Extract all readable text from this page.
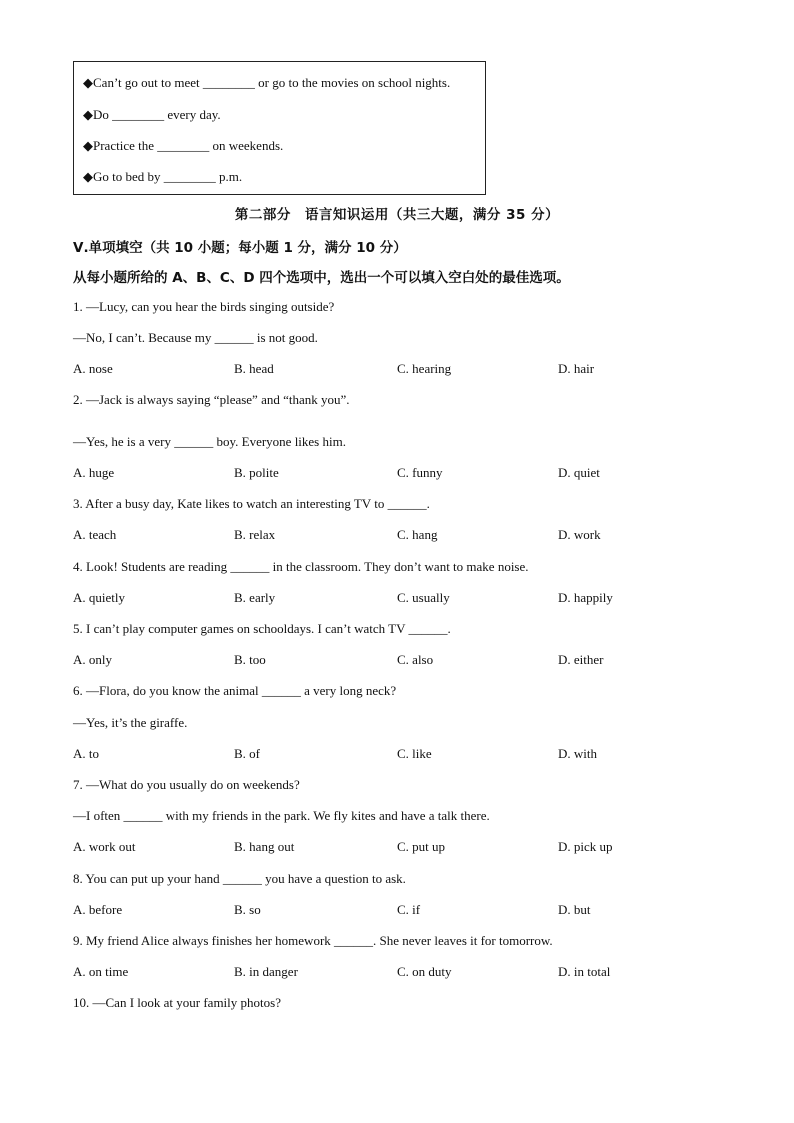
◆Can’t go out to meet ________ or go to the movies on school nights.
◆Do ________ every day.
◆Practice the ________ on weekends.
◆Go to bed by ________ p.m.
第二部分　语言知识运用（共三大题，满分 35 分）
Ⅴ.单项填空（共 10 小题；每小题 1 分，满分 10 分）
从每小题所给的 A、B、C、D 四个选项中，选出一个可以填入空白处的最佳选项。
1. —Lucy, can you hear the birds singing outside?
—No, I can’t. Because my ______ is not good.
A. nose	B. head	C. hearing	D. hair
2. —Jack is always saying “please” and “thank you”.
—Yes, he is a very ______ boy. Everyone likes him.
A. huge	B. polite	C. funny	D. quiet
3. After a busy day, Kate likes to watch an interesting TV to ______.
A. teach	B. relax	C. hang	D. work
4. Look! Students are reading ______ in the classroom. They don’t want to make noise.
A. quietly	B. early	C. usually	D. happily
5. I can’t play computer games on schooldays. I can’t watch TV ______.
A. only	B. too	C. also	D. either
6. —Flora, do you know the animal ______ a very long neck?
—Yes, it’s the giraffe.
A. to	B. of	C. like	D. with
7. —What do you usually do on weekends?
—I often ______ with my friends in the park. We fly kites and have a talk there.
A. work out	B. hang out	C. put up	D. pick up
8. You can put up your hand ______ you have a question to ask.
A. before	B. so	C. if	D. but
9. My friend Alice always finishes her homework ______. She never leaves it for tomorrow.
A. on time	B. in danger	C. on duty	D. in total
10. —Can I look at your family photos?
